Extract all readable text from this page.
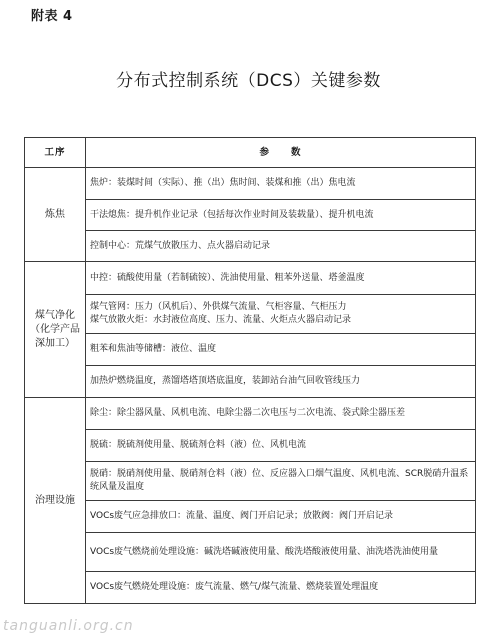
附表 4
分布式控制系统（DCS）关键参数
工序	参　　数
炼焦	焦炉：装煤时间（实际）、推（出）焦时间、装煤和推（出）焦电流
	干法熄焦：提升机作业记录（包括每次作业时间及装载量）、提升机电流
	控制中心：荒煤气放散压力、点火器启动记录

煤气净化
（化学产品
深加工）	中控：硫酸使用量（若制硫铵）、洗油使用量、粗苯外送量、塔釜温度
	煤气管网：压力（风机后）、外供煤气流量、气柜容量、气柜压力
煤气放散火炬：水封液位高度、压力、流量、火炬点火器启动记录
	粗苯和焦油等储槽：液位、温度
	加热炉燃烧温度，蒸馏塔塔顶塔底温度，装卸站台油气回收管线压力
治理设施	除尘：除尘器风量、风机电流、电除尘器二次电压与二次电流、袋式除尘器压差
	脱硫：脱硫剂使用量、脱硫剂仓料（液）位、风机电流
	脱硝：脱硝剂使用量、脱硝剂仓料（液）位、反应器入口烟气温度、风机电流、SCR脱硝升温系统风量及温度
	VOCs废气应急排放口：流量、温度、阀门开启记录；放散阀：阀门开启记录
	VOCs废气燃烧前处理设施：碱洗塔碱液使用量、酸洗塔酸液使用量、油洗塔洗油使用量
	VOCs废气燃烧处理设施：废气流量、燃气/煤气流量、燃烧装置处理温度
tanguanli.org.cn
